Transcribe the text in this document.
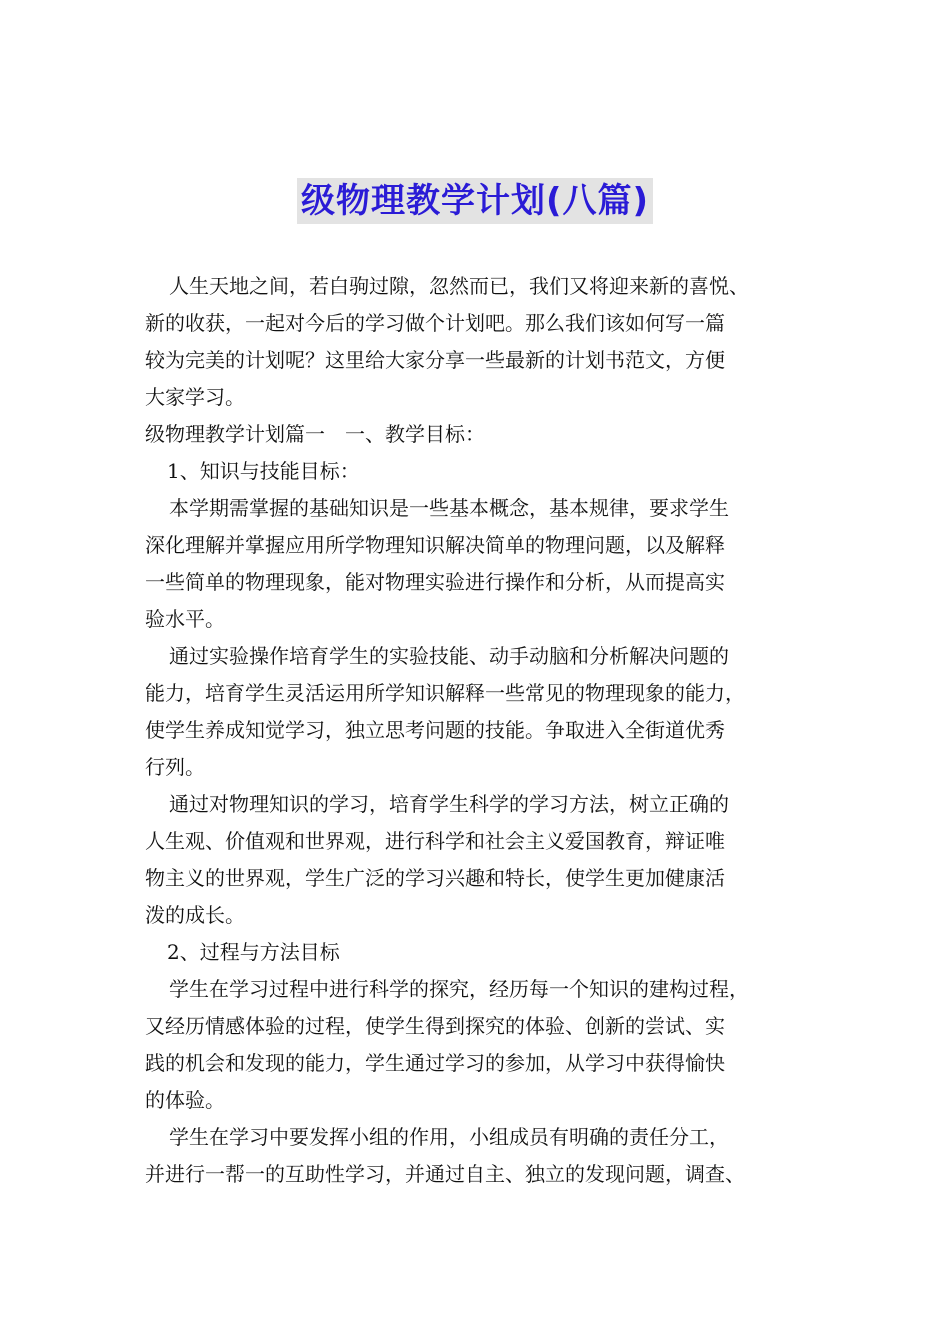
级物理教学计划(八篇)
人生天地之间，若白驹过隙，忽然而已，我们又将迎来新的喜悦、
新的收获，一起对今后的学习做个计划吧。那么我们该如何写一篇
较为完美的计划呢？这里给大家分享一些最新的计划书范文，方便
大家学习。
级物理教学计划篇一　一、教学目标：
1、知识与技能目标：
本学期需掌握的基础知识是一些基本概念，基本规律，要求学生
深化理解并掌握应用所学物理知识解决简单的物理问题，以及解释
一些简单的物理现象，能对物理实验进行操作和分析，从而提高实
验水平。
通过实验操作培育学生的实验技能、动手动脑和分析解决问题的
能力，培育学生灵活运用所学知识解释一些常见的物理现象的能力，
使学生养成知觉学习，独立思考问题的技能。争取进入全街道优秀
行列。
通过对物理知识的学习，培育学生科学的学习方法，树立正确的
人生观、价值观和世界观，进行科学和社会主义爱国教育，辩证唯
物主义的世界观，学生广泛的学习兴趣和特长，使学生更加健康活
泼的成长。
2、过程与方法目标
学生在学习过程中进行科学的探究，经历每一个知识的建构过程，
又经历情感体验的过程，使学生得到探究的体验、创新的尝试、实
践的机会和发现的能力，学生通过学习的参加，从学习中获得愉快
的体验。
学生在学习中要发挥小组的作用，小组成员有明确的责任分工，
并进行一帮一的互助性学习，并通过自主、独立的发现问题，调查、
